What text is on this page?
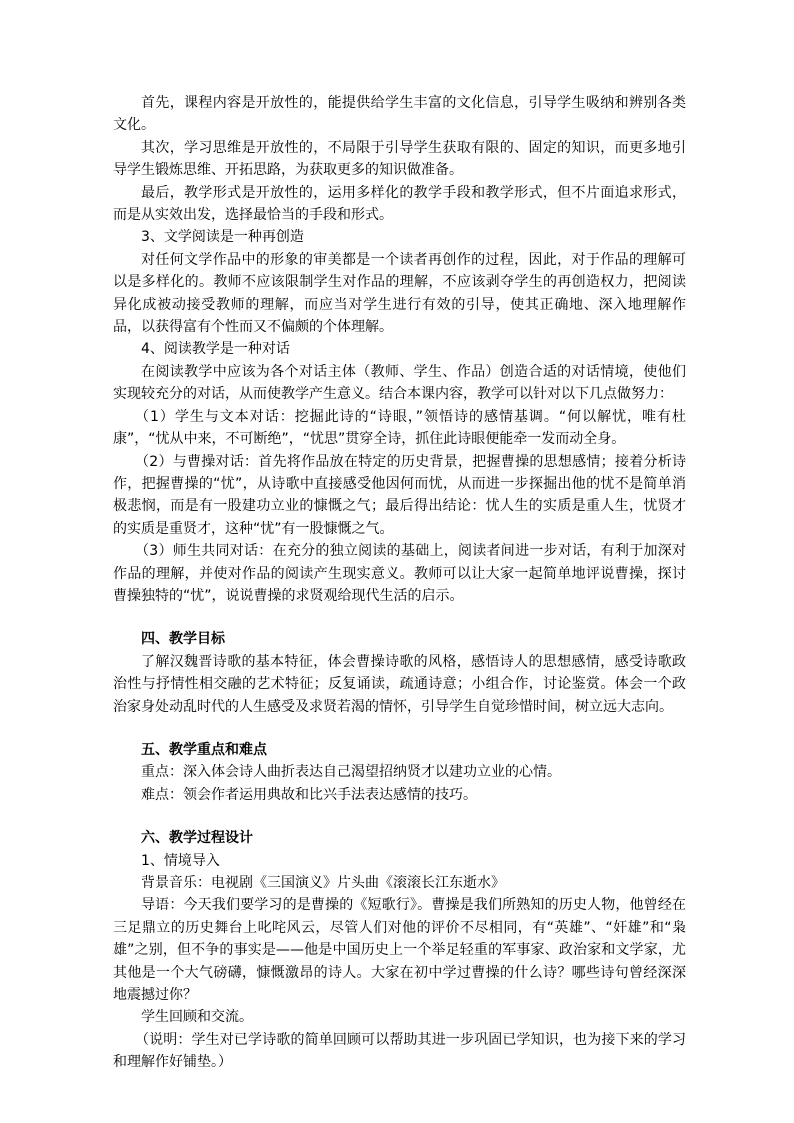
首先，课程内容是开放性的，能提供给学生丰富的文化信息，引导学生吸纳和辨别各类文化。

其次，学习思维是开放性的，不局限于引导学生获取有限的、固定的知识，而更多地引导学生锻炼思维、开拓思路，为获取更多的知识做准备。

最后，教学形式是开放性的，运用多样化的教学手段和教学形式，但不片面追求形式，而是从实效出发，选择最恰当的手段和形式。

3、文学阅读是一种再创造

对任何文学作品中的形象的审美都是一个读者再创作的过程，因此，对于作品的理解可以是多样化的。教师不应该限制学生对作品的理解，不应该剥夺学生的再创造权力，把阅读异化成被动接受教师的理解，而应当对学生进行有效的引导，使其正确地、深入地理解作品，以获得富有个性而又不偏颇的个体理解。

4、阅读教学是一种对话

在阅读教学中应该为各个对话主体（教师、学生、作品）创造合适的对话情境，使他们实现较充分的对话，从而使教学产生意义。结合本课内容，教学可以针对以下几点做努力：

（1）学生与文本对话：挖掘此诗的“诗眼，”领悟诗的感情基调。“何以解忧，唯有杜康”，“忧从中来，不可断绝”，“忧思”贯穿全诗，抓住此诗眼便能牵一发而动全身。

（2）与曹操对话：首先将作品放在特定的历史背景，把握曹操的思想感情；接着分析诗作，把握曹操的“忧”，从诗歌中直接感受他因何而忧，从而进一步探掘出他的忧不是简单消极悲悯，而是有一股建功立业的慷慨之气；最后得出结论：忧人生的实质是重人生，忧贤才的实质是重贤才，这种“忧”有一股慷慨之气。

（3）师生共同对话：在充分的独立阅读的基础上，阅读者间进一步对话，有利于加深对作品的理解，并使对作品的阅读产生现实意义。教师可以让大家一起简单地评说曹操，探讨曹操独特的“忧”，说说曹操的求贤观给现代生活的启示。

四、教学目标

了解汉魏晋诗歌的基本特征，体会曹操诗歌的风格，感悟诗人的思想感情，感受诗歌政治性与抒情性相交融的艺术特征；反复诵读，疏通诗意；小组合作，讨论鉴赏。体会一个政治家身处动乱时代的人生感受及求贤若渴的情怀，引导学生自觉珍惜时间，树立远大志向。

五、教学重点和难点

重点：深入体会诗人曲折表达自己渴望招纳贤才以建功立业的心情。

难点：领会作者运用典故和比兴手法表达感情的技巧。

六、教学过程设计

1、情境导入

背景音乐：电视剧《三国演义》片头曲《滚滚长江东逝水》

导语：今天我们要学习的是曹操的《短歌行》。曹操是我们所熟知的历史人物，他曾经在三足鼎立的历史舞台上叱咤风云，尽管人们对他的评价不尽相同，有“英雄”、“奸雄”和“枭雄”之别，但不争的事实是——他是中国历史上一个举足轻重的军事家、政治家和文学家，尤其他是一个大气磅礴，慷慨激昂的诗人。大家在初中学过曹操的什么诗？哪些诗句曾经深深地震撼过你？

学生回顾和交流。

（说明：学生对已学诗歌的简单回顾可以帮助其进一步巩固已学知识，也为接下来的学习和理解作好铺垫。）
